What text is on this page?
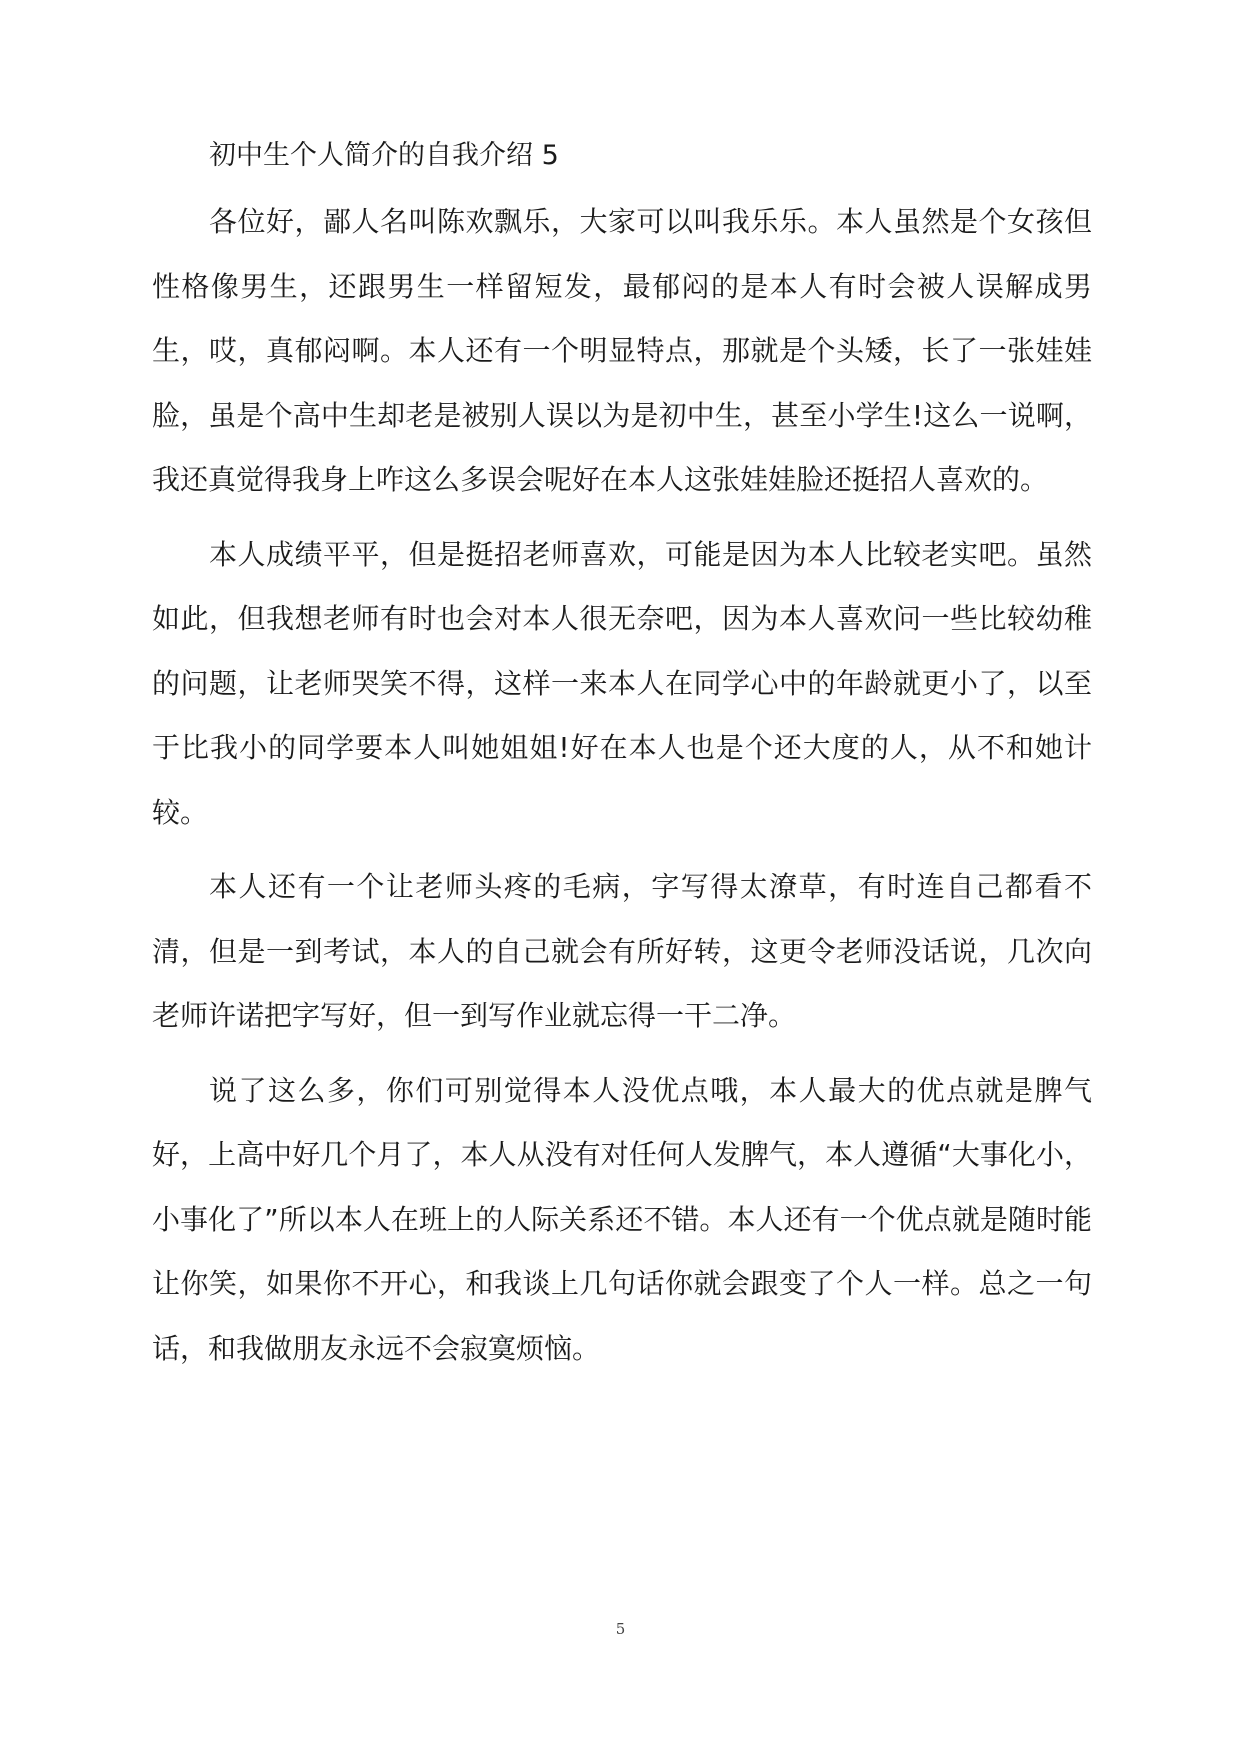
初中生个人简介的自我介绍 5

各位好，鄙人名叫陈欢飘乐，大家可以叫我乐乐。本人虽然是个女孩但性格像男生，还跟男生一样留短发，最郁闷的是本人有时会被人误解成男生，哎，真郁闷啊。本人还有一个明显特点，那就是个头矮，长了一张娃娃脸，虽是个高中生却老是被别人误以为是初中生，甚至小学生!这么一说啊，我还真觉得我身上咋这么多误会呢好在本人这张娃娃脸还挺招人喜欢的。

本人成绩平平，但是挺招老师喜欢，可能是因为本人比较老实吧。虽然如此，但我想老师有时也会对本人很无奈吧，因为本人喜欢问一些比较幼稚的问题，让老师哭笑不得，这样一来本人在同学心中的年龄就更小了，以至于比我小的同学要本人叫她姐姐!好在本人也是个还大度的人，从不和她计较。

本人还有一个让老师头疼的毛病，字写得太潦草，有时连自己都看不清，但是一到考试，本人的自己就会有所好转，这更令老师没话说，几次向老师许诺把字写好，但一到写作业就忘得一干二净。

说了这么多，你们可别觉得本人没优点哦，本人最大的优点就是脾气好，上高中好几个月了，本人从没有对任何人发脾气，本人遵循“大事化小，小事化了”所以本人在班上的人际关系还不错。本人还有一个优点就是随时能让你笑，如果你不开心，和我谈上几句话你就会跟变了个人一样。总之一句话，和我做朋友永远不会寂寞烦恼。

5
